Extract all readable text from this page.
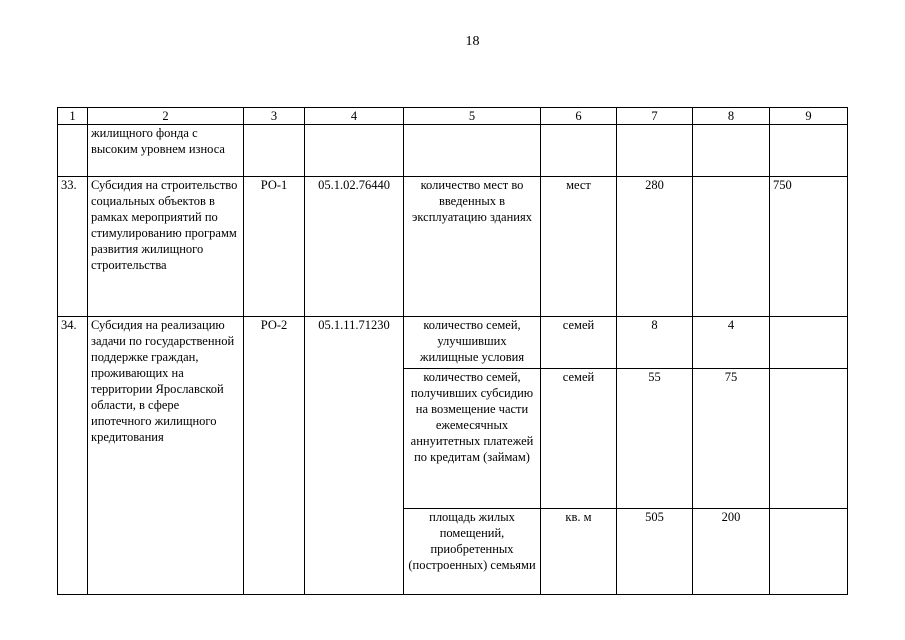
18
1	2	3	4	5	6	7	8	9
	жилищного фонда с высоким уровнем износа							
33.	Субсидия на строительство социальных объектов в рамках мероприятий по стимулированию программ развития жилищного строительства	РО-1	05.1.02.76440	количество мест во введенных в эксплуатацию зданиях	мест	280		750
34.	Субсидия на реализацию задачи по государственной поддержке граждан, проживающих на территории Ярославской области, в сфере ипотечного жилищного кредитования	РО-2	05.1.11.71230	количество семей, улучшивших жилищные условия	семей	8	4	
				количество семей, получивших субсидию на возмещение части ежемесячных аннуитетных платежей по кредитам (займам)	семей	55	75	
				площадь жилых помещений, приобретенных (построенных) семьями	кв. м	505	200	
